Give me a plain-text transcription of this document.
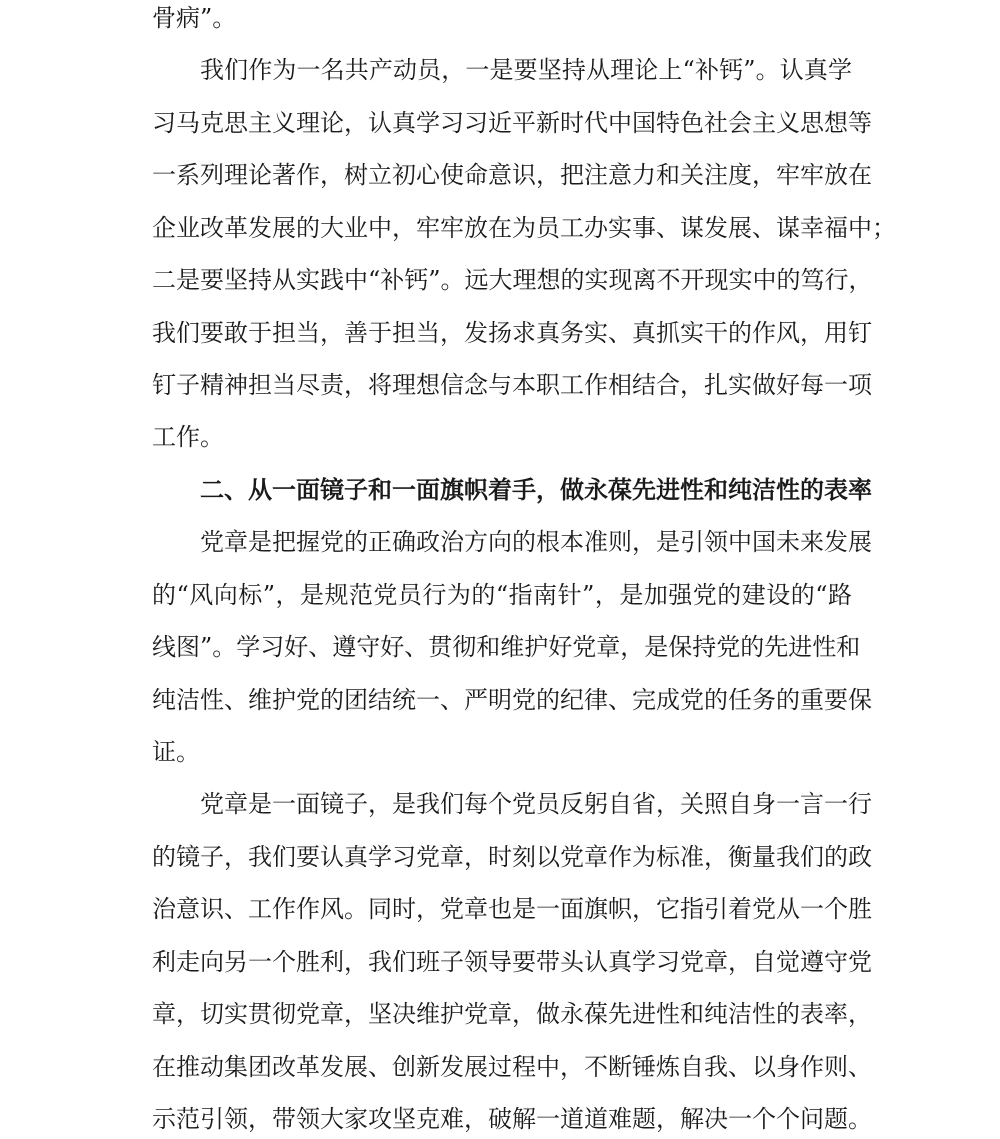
骨病”。
我们作为一名共产动员，一是要坚持从理论上“补钙”。认真学
习马克思主义理论，认真学习习近平新时代中国特色社会主义思想等
一系列理论著作，树立初心使命意识，把注意力和关注度，牢牢放在
企业改革发展的大业中，牢牢放在为员工办实事、谋发展、谋幸福中；
二是要坚持从实践中“补钙”。远大理想的实现离不开现实中的笃行，
我们要敢于担当，善于担当，发扬求真务实、真抓实干的作风，用钉
钉子精神担当尽责，将理想信念与本职工作相结合，扎实做好每一项
工作。
二、从一面镜子和一面旗帜着手，做永葆先进性和纯洁性的表率
党章是把握党的正确政治方向的根本准则，是引领中国未来发展
的“风向标”，是规范党员行为的“指南针”，是加强党的建设的“路
线图”。学习好、遵守好、贯彻和维护好党章，是保持党的先进性和
纯洁性、维护党的团结统一、严明党的纪律、完成党的任务的重要保
证。
党章是一面镜子，是我们每个党员反躬自省，关照自身一言一行
的镜子，我们要认真学习党章，时刻以党章作为标准，衡量我们的政
治意识、工作作风。同时，党章也是一面旗帜，它指引着党从一个胜
利走向另一个胜利，我们班子领导要带头认真学习党章，自觉遵守党
章，切实贯彻党章，坚决维护党章，做永葆先进性和纯洁性的表率，
在推动集团改革发展、创新发展过程中，不断锤炼自我、以身作则、
示范引领，带领大家攻坚克难，破解一道道难题，解决一个个问题。
